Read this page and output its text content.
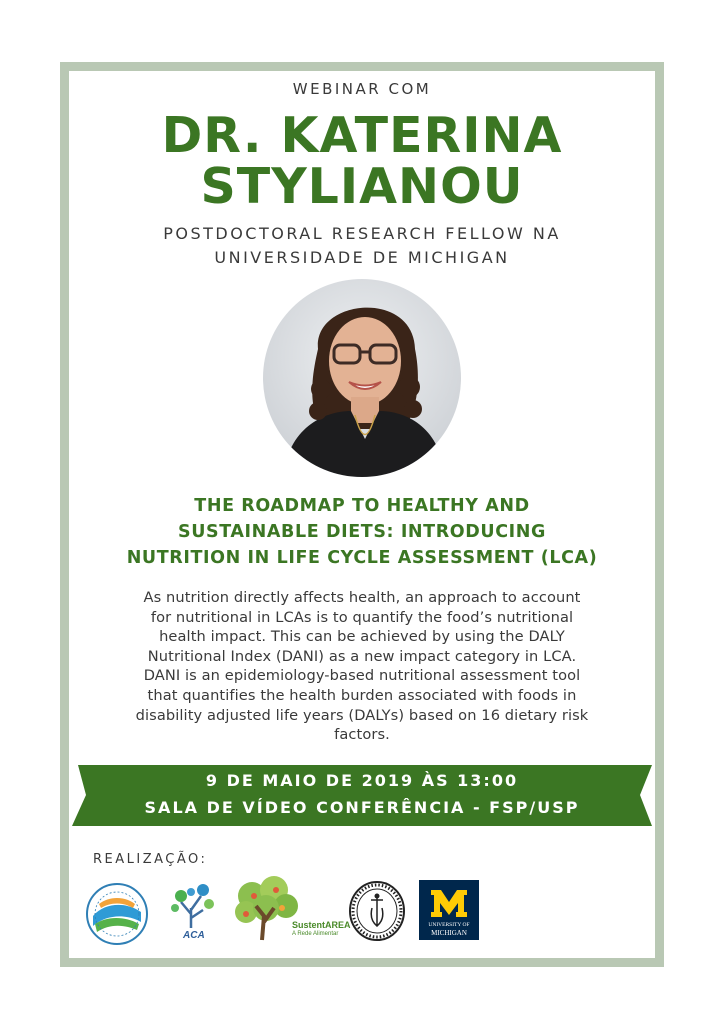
WEBINAR COM
DR. KATERINA
STYLIANOU
POSTDOCTORAL RESEARCH FELLOW NA
UNIVERSIDADE DE MICHIGAN
THE ROADMAP TO HEALTHY AND
SUSTAINABLE DIETS: INTRODUCING
NUTRITION IN LIFE CYCLE ASSESSMENT (LCA)
As nutrition directly affects health, an approach to account
for nutritional in LCAs is to quantify the food’s nutritional
health impact. This can be achieved by using the DALY
Nutritional Index (DANI) as a new impact category in LCA.
DANI is an epidemiology-based nutritional assessment tool
that quantifies the health burden associated with foods in
disability adjusted life years (DALYs) based on 16 dietary risk
factors.
9 DE MAIO DE 2019 ÀS 13:00
SALA DE VÍDEO CONFERÊNCIA - FSP/USP
REALIZAÇÃO:
ACA
SustentAREA
A Rede Alimentar
UNIVERSITY OF
MICHIGAN
